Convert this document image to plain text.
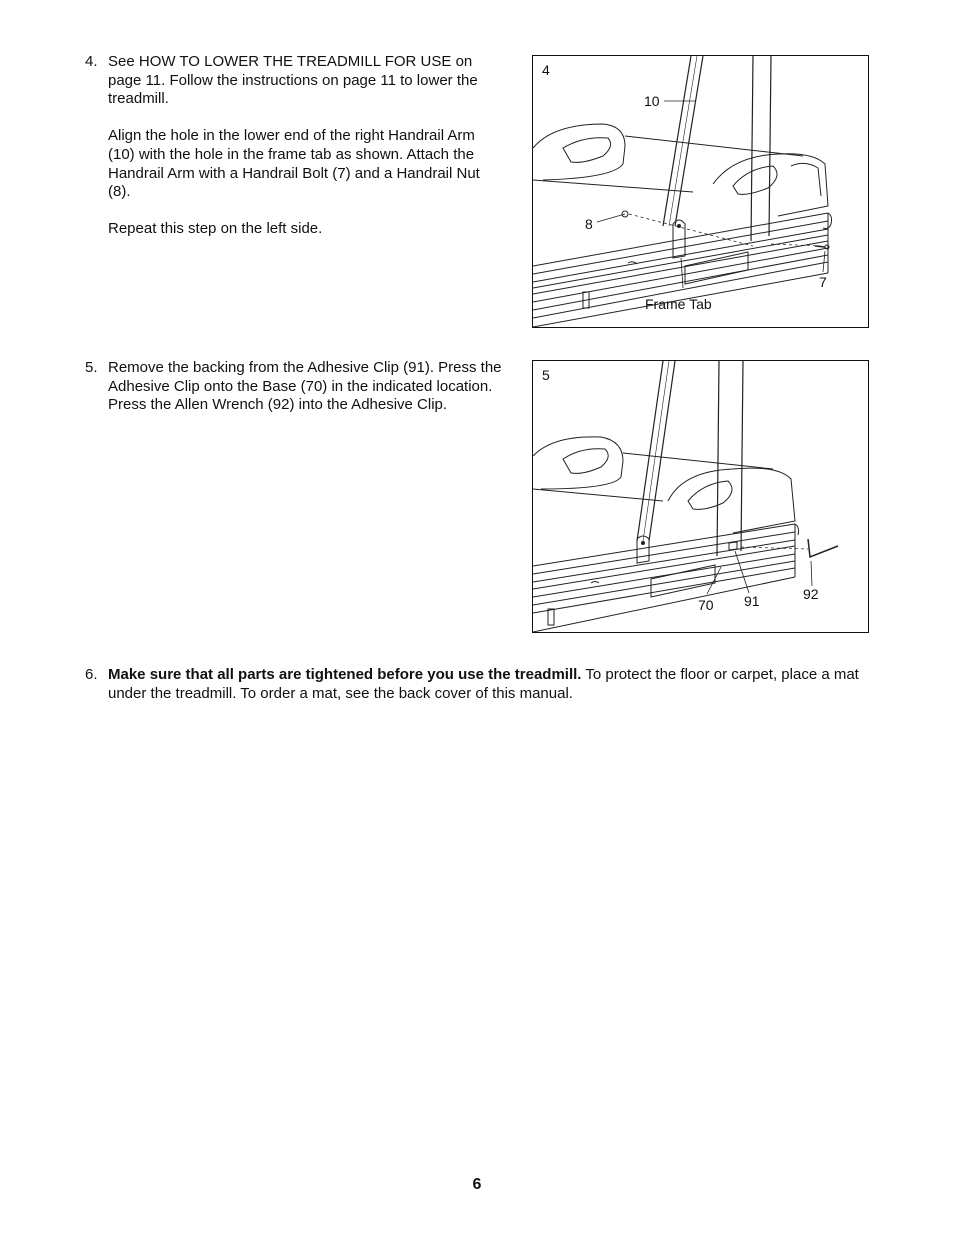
4. See HOW TO LOWER THE TREADMILL FOR USE on page 11. Follow the instructions on page 11 to lower the treadmill.

Align the hole in the lower end of the right Handrail Arm (10) with the hole in the frame tab as shown. Attach the Handrail Arm with a Handrail Bolt (7) and a Handrail Nut (8).

Repeat this step on the left side.

4
10
8
7
Frame Tab
5. Remove the backing from the Adhesive Clip (91). Press the Adhesive Clip onto the Base (70) in the indicated location. Press the Allen Wrench (92) into the Adhesive Clip.

5
70 91	92
6. Make sure that all parts are tightened before you use the treadmill. To protect the floor or carpet, place a mat under the treadmill. To order a mat, see the back cover of this manual.

6
